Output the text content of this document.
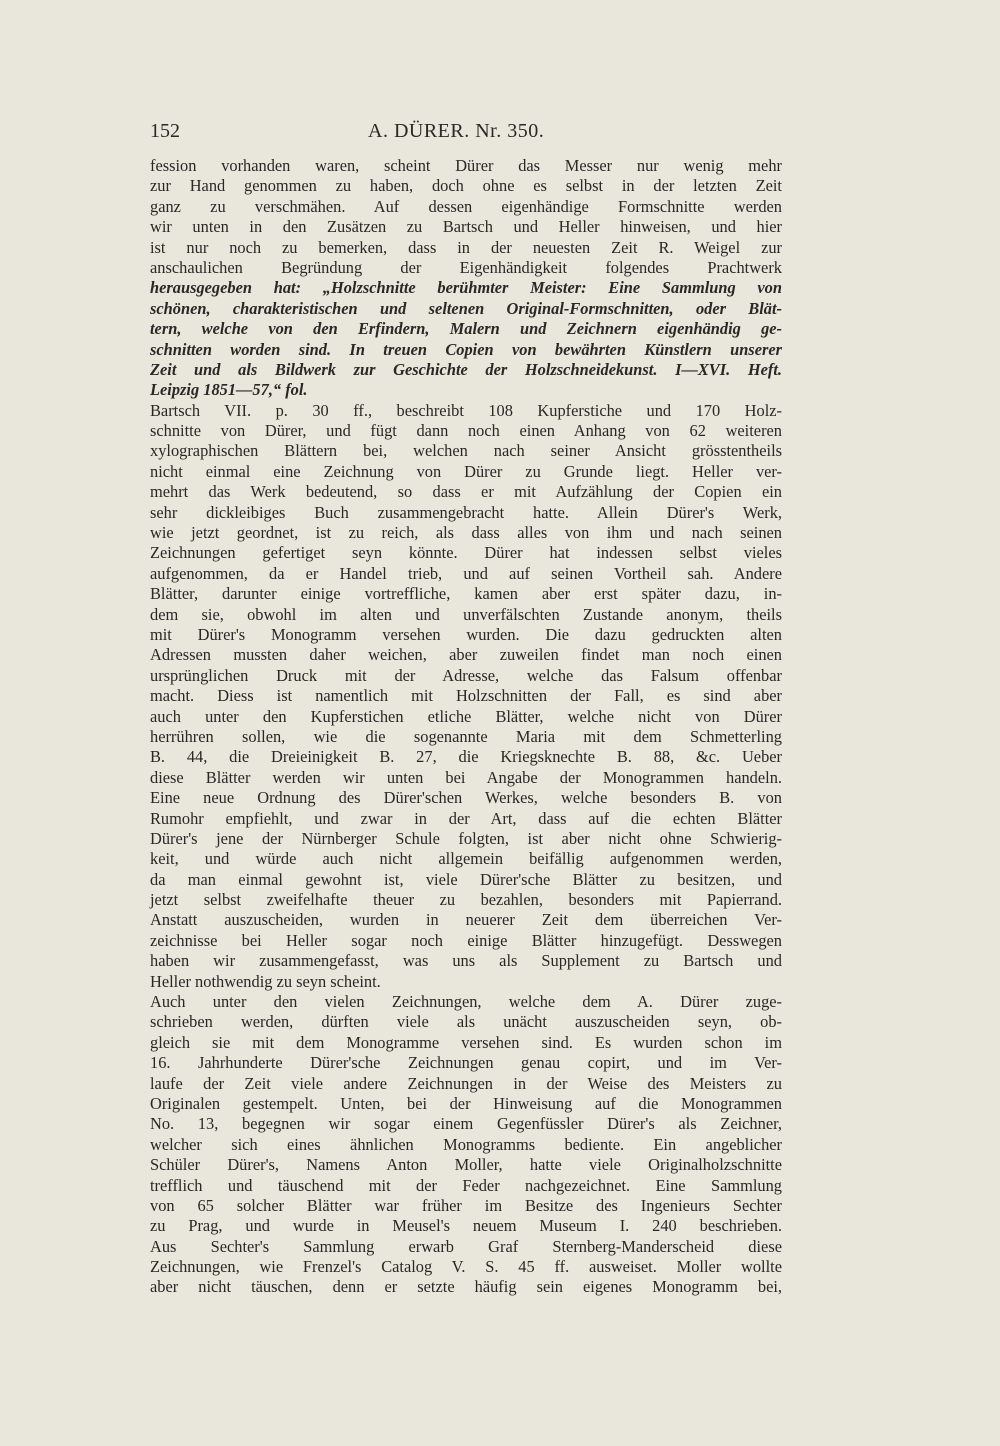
152	A. DÜRER. Nr. 350.
fession vorhanden waren, scheint Dürer das Messer nur wenig mehr
zur Hand genommen zu haben, doch ohne es selbst in der letzten Zeit
ganz zu verschmähen. Auf dessen eigenhändige Formschnitte werden
wir unten in den Zusätzen zu Bartsch und Heller hinweisen, und hier
ist nur noch zu bemerken, dass in der neuesten Zeit R. Weigel zur
anschaulichen Begründung der Eigenhändigkeit folgendes Prachtwerk
herausgegeben hat: „Holzschnitte berühmter Meister: Eine Sammlung von
schönen, charakteristischen und seltenen Original-Formschnitten, oder Blät-
tern, welche von den Erfindern, Malern und Zeichnern eigenhändig ge-
schnitten worden sind. In treuen Copien von bewährten Künstlern unserer
Zeit und als Bildwerk zur Geschichte der Holzschneidekunst. I—XVI. Heft.
Leipzig 1851—57,“ fol.
Bartsch VII. p. 30 ff., beschreibt 108 Kupferstiche und 170 Holz-
schnitte von Dürer, und fügt dann noch einen Anhang von 62 weiteren
xylographischen Blättern bei, welchen nach seiner Ansicht grösstentheils
nicht einmal eine Zeichnung von Dürer zu Grunde liegt. Heller ver-
mehrt das Werk bedeutend, so dass er mit Aufzählung der Copien ein
sehr dickleibiges Buch zusammengebracht hatte. Allein Dürer's Werk,
wie jetzt geordnet, ist zu reich, als dass alles von ihm und nach seinen
Zeichnungen gefertiget seyn könnte. Dürer hat indessen selbst vieles
aufgenommen, da er Handel trieb, und auf seinen Vortheil sah. Andere
Blätter, darunter einige vortreffliche, kamen aber erst später dazu, in-
dem sie, obwohl im alten und unverfälschten Zustande anonym, theils
mit Dürer's Monogramm versehen wurden. Die dazu gedruckten alten
Adressen mussten daher weichen, aber zuweilen findet man noch einen
ursprünglichen Druck mit der Adresse, welche das Falsum offenbar
macht. Diess ist namentlich mit Holzschnitten der Fall, es sind aber
auch unter den Kupferstichen etliche Blätter, welche nicht von Dürer
herrühren sollen, wie die sogenannte Maria mit dem Schmetterling
B. 44, die Dreieinigkeit B. 27, die Kriegsknechte B. 88, &c. Ueber
diese Blätter werden wir unten bei Angabe der Monogrammen handeln.
Eine neue Ordnung des Dürer'schen Werkes, welche besonders B. von
Rumohr empfiehlt, und zwar in der Art, dass auf die echten Blätter
Dürer's jene der Nürnberger Schule folgten, ist aber nicht ohne Schwierig-
keit, und würde auch nicht allgemein beifällig aufgenommen werden,
da man einmal gewohnt ist, viele Dürer'sche Blätter zu besitzen, und
jetzt selbst zweifelhafte theuer zu bezahlen, besonders mit Papierrand.
Anstatt auszuscheiden, wurden in neuerer Zeit dem überreichen Ver-
zeichnisse bei Heller sogar noch einige Blätter hinzugefügt. Desswegen
haben wir zusammengefasst, was uns als Supplement zu Bartsch und
Heller nothwendig zu seyn scheint.
Auch unter den vielen Zeichnungen, welche dem A. Dürer zuge-
schrieben werden, dürften viele als unächt auszuscheiden seyn, ob-
gleich sie mit dem Monogramme versehen sind. Es wurden schon im
16. Jahrhunderte Dürer'sche Zeichnungen genau copirt, und im Ver-
laufe der Zeit viele andere Zeichnungen in der Weise des Meisters zu
Originalen gestempelt. Unten, bei der Hinweisung auf die Monogrammen
No. 13, begegnen wir sogar einem Gegenfüssler Dürer's als Zeichner,
welcher sich eines ähnlichen Monogramms bediente. Ein angeblicher
Schüler Dürer's, Namens Anton Moller, hatte viele Originalholzschnitte
trefflich und täuschend mit der Feder nachgezeichnet. Eine Sammlung
von 65 solcher Blätter war früher im Besitze des Ingenieurs Sechter
zu Prag, und wurde in Meusel's neuem Museum I. 240 beschrieben.
Aus Sechter's Sammlung erwarb Graf Sternberg-Manderscheid diese
Zeichnungen, wie Frenzel's Catalog V. S. 45 ff. ausweiset. Moller wollte
aber nicht täuschen, denn er setzte häufig sein eigenes Monogramm bei,
